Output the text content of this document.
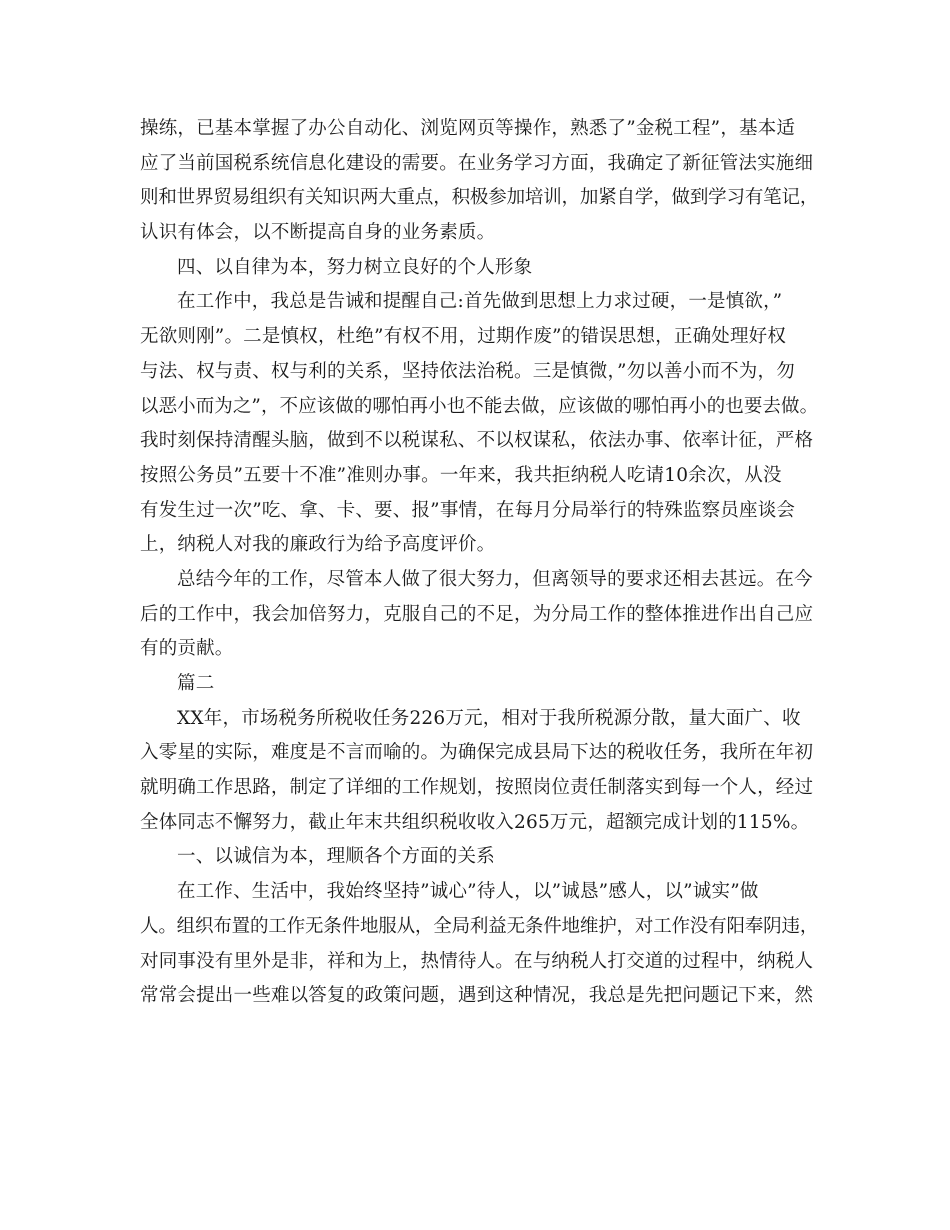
操练，已基本掌握了办公自动化、浏览网页等操作，熟悉了”金税工程”，基本适
应了当前国税系统信息化建设的需要。在业务学习方面，我确定了新征管法实施细
则和世界贸易组织有关知识两大重点，积极参加培训，加紧自学，做到学习有笔记，
认识有体会，以不断提高自身的业务素质。
四、以自律为本，努力树立良好的个人形象
在工作中，我总是告诫和提醒自己:首先做到思想上力求过硬，一是慎欲，”
无欲则刚”。二是慎权，杜绝”有权不用，过期作废”的错误思想，正确处理好权
与法、权与责、权与利的关系，坚持依法治税。三是慎微，”勿以善小而不为，勿
以恶小而为之”，不应该做的哪怕再小也不能去做，应该做的哪怕再小的也要去做。
我时刻保持清醒头脑，做到不以税谋私、不以权谋私，依法办事、依率计征，严格
按照公务员”五要十不准”准则办事。一年来，我共拒纳税人吃请10余次，从没
有发生过一次”吃、拿、卡、要、报”事情，在每月分局举行的特殊监察员座谈会
上，纳税人对我的廉政行为给予高度评价。
总结今年的工作，尽管本人做了很大努力，但离领导的要求还相去甚远。在今
后的工作中，我会加倍努力，克服自己的不足，为分局工作的整体推进作出自己应
有的贡献。
篇二
XX年，市场税务所税收任务226万元，相对于我所税源分散，量大面广、收
入零星的实际，难度是不言而喻的。为确保完成县局下达的税收任务，我所在年初
就明确工作思路，制定了详细的工作规划，按照岗位责任制落实到每一个人，经过
全体同志不懈努力，截止年末共组织税收收入265万元，超额完成计划的115%。
一、以诚信为本，理顺各个方面的关系
在工作、生活中，我始终坚持”诚心”待人，以”诚恳”感人，以”诚实”做
人。组织布置的工作无条件地服从，全局利益无条件地维护，对工作没有阳奉阴违，
对同事没有里外是非，祥和为上，热情待人。在与纳税人打交道的过程中，纳税人
常常会提出一些难以答复的政策问题，遇到这种情况，我总是先把问题记下来，然
